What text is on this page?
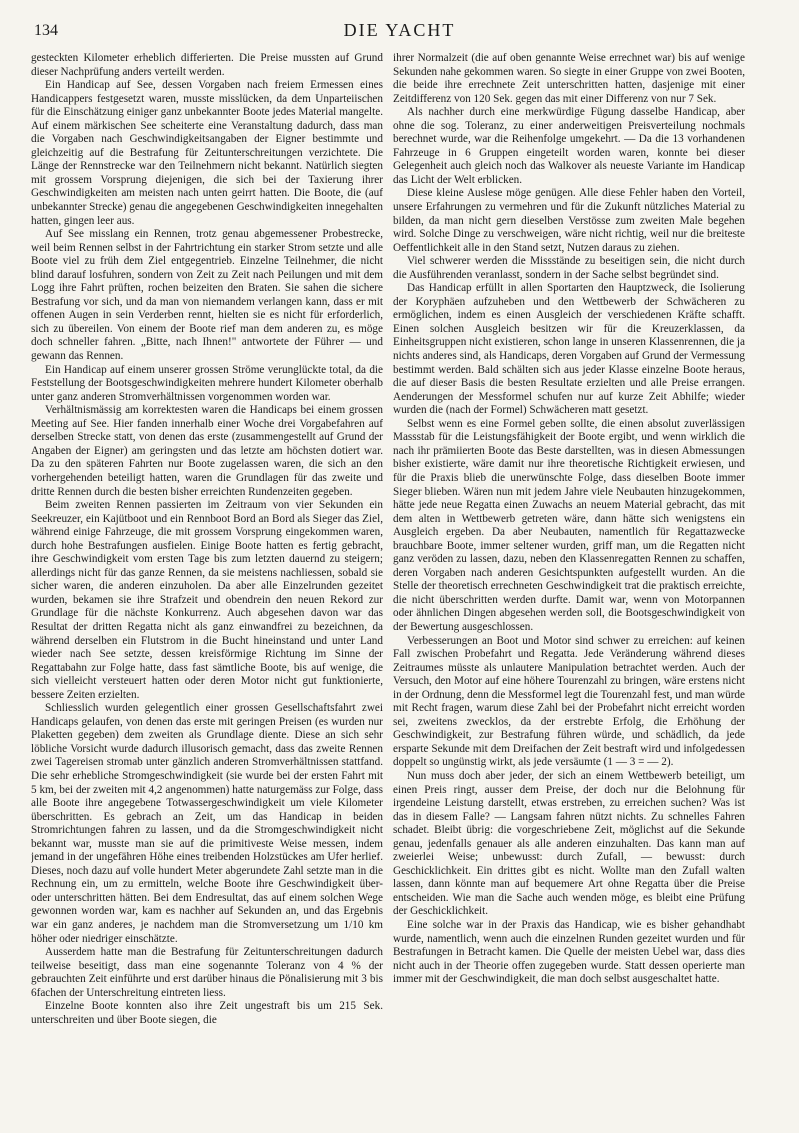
134	DIE YACHT

gesteckten Kilometer erheblich differierten. Die Preise mussten auf Grund dieser Nachprüfung anders verteilt werden.

Ein Handicap auf See, dessen Vorgaben nach freiem Ermessen eines Handicappers festgesetzt waren, musste misslücken, da dem Unparteiischen für die Einschätzung einiger ganz unbekannter Boote jedes Material mangelte. Auf einem märkischen See scheiterte eine Veranstaltung dadurch, dass man die Vorgaben nach Geschwindigkeitsangaben der Eigner bestimmte und gleichzeitig auf die Bestrafung für Zeitunterschreitungen verzichtete. Die Länge der Rennstrecke war den Teilnehmern nicht bekannt. Natürlich siegten mit grossem Vorsprung diejenigen, die sich bei der Taxierung ihrer Geschwindigkeiten am meisten nach unten geirrt hatten. Die Boote, die (auf unbekannter Strecke) genau die angegebenen Geschwindigkeiten innegehalten hatten, gingen leer aus.

Auf See misslang ein Rennen, trotz genau abgemessener Probestrecke, weil beim Rennen selbst in der Fahrtrichtung ein starker Strom setzte und alle Boote viel zu früh dem Ziel entgegentrieb. Einzelne Teilnehmer, die nicht blind darauf losfuhren, sondern von Zeit zu Zeit nach Peilungen und mit dem Logg ihre Fahrt prüften, rochen beizeiten den Braten. Sie sahen die sichere Bestrafung vor sich, und da man von niemandem verlangen kann, dass er mit offenen Augen in sein Verderben rennt, hielten sie es nicht für erforderlich, sich zu übereilen. Von einem der Boote rief man dem anderen zu, es möge doch schneller fahren. „Bitte, nach Ihnen!" antwortete der Führer — und gewann das Rennen.

Ein Handicap auf einem unserer grossen Ströme verunglückte total, da die Feststellung der Bootsgeschwindigkeiten mehrere hundert Kilometer oberhalb unter ganz anderen Stromverhältnissen vorgenommen worden war.

Verhältnismässig am korrektesten waren die Handicaps bei einem grossen Meeting auf See. Hier fanden innerhalb einer Woche drei Vorgabefahren auf derselben Strecke statt, von denen das erste (zusammengestellt auf Grund der Angaben der Eigner) am geringsten und das letzte am höchsten dotiert war. Da zu den späteren Fahrten nur Boote zugelassen waren, die sich an den vorhergehenden beteiligt hatten, waren die Grundlagen für das zweite und dritte Rennen durch die besten bisher erreichten Rundenzeiten gegeben.

Beim zweiten Rennen passierten im Zeitraum von vier Sekunden ein Seekreuzer, ein Kajütboot und ein Rennboot Bord an Bord als Sieger das Ziel, während einige Fahrzeuge, die mit grossem Vorsprung eingekommen waren, durch hohe Bestrafungen ausfielen. Einige Boote hatten es fertig gebracht, ihre Geschwindigkeit vom ersten Tage bis zum letzten dauernd zu steigern; allerdings nicht für das ganze Rennen, da sie meistens nachliessen, sobald sie sicher waren, die anderen einzuholen. Da aber alle Einzelrunden gezeitet wurden, bekamen sie ihre Strafzeit und obendrein den neuen Rekord zur Grundlage für die nächste Konkurrenz. Auch abgesehen davon war das Resultat der dritten Regatta nicht als ganz einwandfrei zu bezeichnen, da während derselben ein Flutstrom in die Bucht hineinstand und unter Land wieder nach See setzte, dessen kreisförmige Richtung im Sinne der Regattabahn zur Folge hatte, dass fast sämtliche Boote, bis auf wenige, die sich vielleicht versteuert hatten oder deren Motor nicht gut funktionierte, bessere Zeiten erzielten.

Schliesslich wurden gelegentlich einer grossen Gesellschaftsfahrt zwei Handicaps gelaufen, von denen das erste mit geringen Preisen (es wurden nur Plaketten gegeben) dem zweiten als Grundlage diente. Diese an sich sehr löbliche Vorsicht wurde dadurch illusorisch gemacht, dass das zweite Rennen zwei Tagereisen stromab unter gänzlich anderen Stromverhältnissen stattfand. Die sehr erhebliche Stromgeschwindigkeit (sie wurde bei der ersten Fahrt mit 5 km, bei der zweiten mit 4,2 angenommen) hatte naturgemäss zur Folge, dass alle Boote ihre angegebene Totwassergeschwindigkeit um viele Kilometer überschritten. Es gebrach an Zeit, um das Handicap in beiden Stromrichtungen fahren zu lassen, und da die Stromgeschwindigkeit nicht bekannt war, musste man sie auf die primitiveste Weise messen, indem jemand in der ungefähren Höhe eines treibenden Holzstückes am Ufer herlief. Dieses, noch dazu auf volle hundert Meter abgerundete Zahl setzte man in die Rechnung ein, um zu ermitteln, welche Boote ihre Geschwindigkeit über- oder unterschritten hätten. Bei dem Endresultat, das auf einem solchen Wege gewonnen worden war, kam es nachher auf Sekunden an, und das Ergebnis war ein ganz anderes, je nachdem man die Stromversetzung um 1/10 km höher oder niedriger einschätzte.

Ausserdem hatte man die Bestrafung für Zeitunterschreitungen dadurch teilweise beseitigt, dass man eine sogenannte Toleranz von 4 % der gebrauchten Zeit einführte und erst darüber hinaus die Pönalisierung mit 3 bis 6fachen der Unterschreitung eintreten liess.

Einzelne Boote konnten also ihre Zeit ungestraft bis um 215 Sek. unterschreiten und über Boote siegen, die

ihrer Normalzeit (die auf oben genannte Weise errechnet war) bis auf wenige Sekunden nahe gekommen waren. So siegte in einer Gruppe von zwei Booten, die beide ihre errechnete Zeit unterschritten hatten, dasjenige mit einer Zeitdifferenz von 120 Sek. gegen das mit einer Differenz von nur 7 Sek.

Als nachher durch eine merkwürdige Fügung dasselbe Handicap, aber ohne die sog. Toleranz, zu einer anderweitigen Preisverteilung nochmals berechnet wurde, war die Reihenfolge umgekehrt. — Da die 13 vorhandenen Fahrzeuge in 6 Gruppen eingeteilt worden waren, konnte bei dieser Gelegenheit auch gleich noch das Walkover als neueste Variante im Handicap das Licht der Welt erblicken.

Diese kleine Auslese möge genügen. Alle diese Fehler haben den Vorteil, unsere Erfahrungen zu vermehren und für die Zukunft nützliches Material zu bilden, da man nicht gern dieselben Verstösse zum zweiten Male begehen wird. Solche Dinge zu verschweigen, wäre nicht richtig, weil nur die breiteste Oeffentlichkeit alle in den Stand setzt, Nutzen daraus zu ziehen.

Viel schwerer werden die Missstände zu beseitigen sein, die nicht durch die Ausführenden veranlasst, sondern in der Sache selbst begründet sind.

Das Handicap erfüllt in allen Sportarten den Hauptzweck, die Isolierung der Koryphäen aufzuheben und den Wettbewerb der Schwächeren zu ermöglichen, indem es einen Ausgleich der verschiedenen Kräfte schafft. Einen solchen Ausgleich besitzen wir für die Kreuzerklassen, da Einheitsgruppen nicht existieren, schon lange in unseren Klassenrennen, die ja nichts anderes sind, als Handicaps, deren Vorgaben auf Grund der Vermessung bestimmt werden. Bald schälten sich aus jeder Klasse einzelne Boote heraus, die auf dieser Basis die besten Resultate erzielten und alle Preise errangen. Aenderungen der Messformel schufen nur auf kurze Zeit Abhilfe; wieder wurden die (nach der Formel) Schwächeren matt gesetzt.

Selbst wenn es eine Formel geben sollte, die einen absolut zuverlässigen Massstab für die Leistungsfähigkeit der Boote ergibt, und wenn wirklich die nach ihr prämiierten Boote das Beste darstellten, was in diesen Abmessungen bisher existierte, wäre damit nur ihre theoretische Richtigkeit erwiesen, und für die Praxis blieb die unerwünschte Folge, dass dieselben Boote immer Sieger blieben. Wären nun mit jedem Jahre viele Neubauten hinzugekommen, hätte jede neue Regatta einen Zuwachs an neuem Material gebracht, das mit dem alten in Wettbewerb getreten wäre, dann hätte sich wenigstens ein Ausgleich ergeben. Da aber Neubauten, namentlich für Regattazwecke brauchbare Boote, immer seltener wurden, griff man, um die Regatten nicht ganz veröden zu lassen, dazu, neben den Klassenregatten Rennen zu schaffen, deren Vorgaben nach anderen Gesichtspunkten aufgestellt wurden. An die Stelle der theoretisch errechneten Geschwindigkeit trat die praktisch erreichte, die nicht überschritten werden durfte. Damit war, wenn von Motorpannen oder ähnlichen Dingen abgesehen werden soll, die Bootsgeschwindigkeit von der Bewertung ausgeschlossen.

Verbesserungen an Boot und Motor sind schwer zu erreichen: auf keinen Fall zwischen Probefahrt und Regatta. Jede Veränderung während dieses Zeitraumes müsste als unlautere Manipulation betrachtet werden. Auch der Versuch, den Motor auf eine höhere Tourenzahl zu bringen, wäre erstens nicht in der Ordnung, denn die Messformel legt die Tourenzahl fest, und man würde mit Recht fragen, warum diese Zahl bei der Probefahrt nicht erreicht worden sei, zweitens zwecklos, da der erstrebte Erfolg, die Erhöhung der Geschwindigkeit, zur Bestrafung führen würde, und schädlich, da jede ersparte Sekunde mit dem Dreifachen der Zeit bestraft wird und infolgedessen doppelt so ungünstig wirkt, als jede versäumte (1 — 3 = — 2).

Nun muss doch aber jeder, der sich an einem Wettbewerb beteiligt, um einen Preis ringt, ausser dem Preise, der doch nur die Belohnung für irgendeine Leistung darstellt, etwas erstreben, zu erreichen suchen? Was ist das in diesem Falle? — Langsam fahren nützt nichts. Zu schnelles Fahren schadet. Bleibt übrig: die vorgeschriebene Zeit, möglichst auf die Sekunde genau, jedenfalls genauer als alle anderen einzuhalten. Das kann man auf zweierlei Weise; unbewusst: durch Zufall, — bewusst: durch Geschicklichkeit. Ein drittes gibt es nicht. Wollte man den Zufall walten lassen, dann könnte man auf bequemere Art ohne Regatta über die Preise entscheiden. Wie man die Sache auch wenden möge, es bleibt eine Prüfung der Geschicklichkeit.

Eine solche war in der Praxis das Handicap, wie es bisher gehandhabt wurde, namentlich, wenn auch die einzelnen Runden gezeitet wurden und für Bestrafungen in Betracht kamen. Die Quelle der meisten Uebel war, dass dies nicht auch in der Theorie offen zugegeben wurde. Statt dessen operierte man immer mit der Geschwindigkeit, die man doch selbst ausgeschaltet hatte.
